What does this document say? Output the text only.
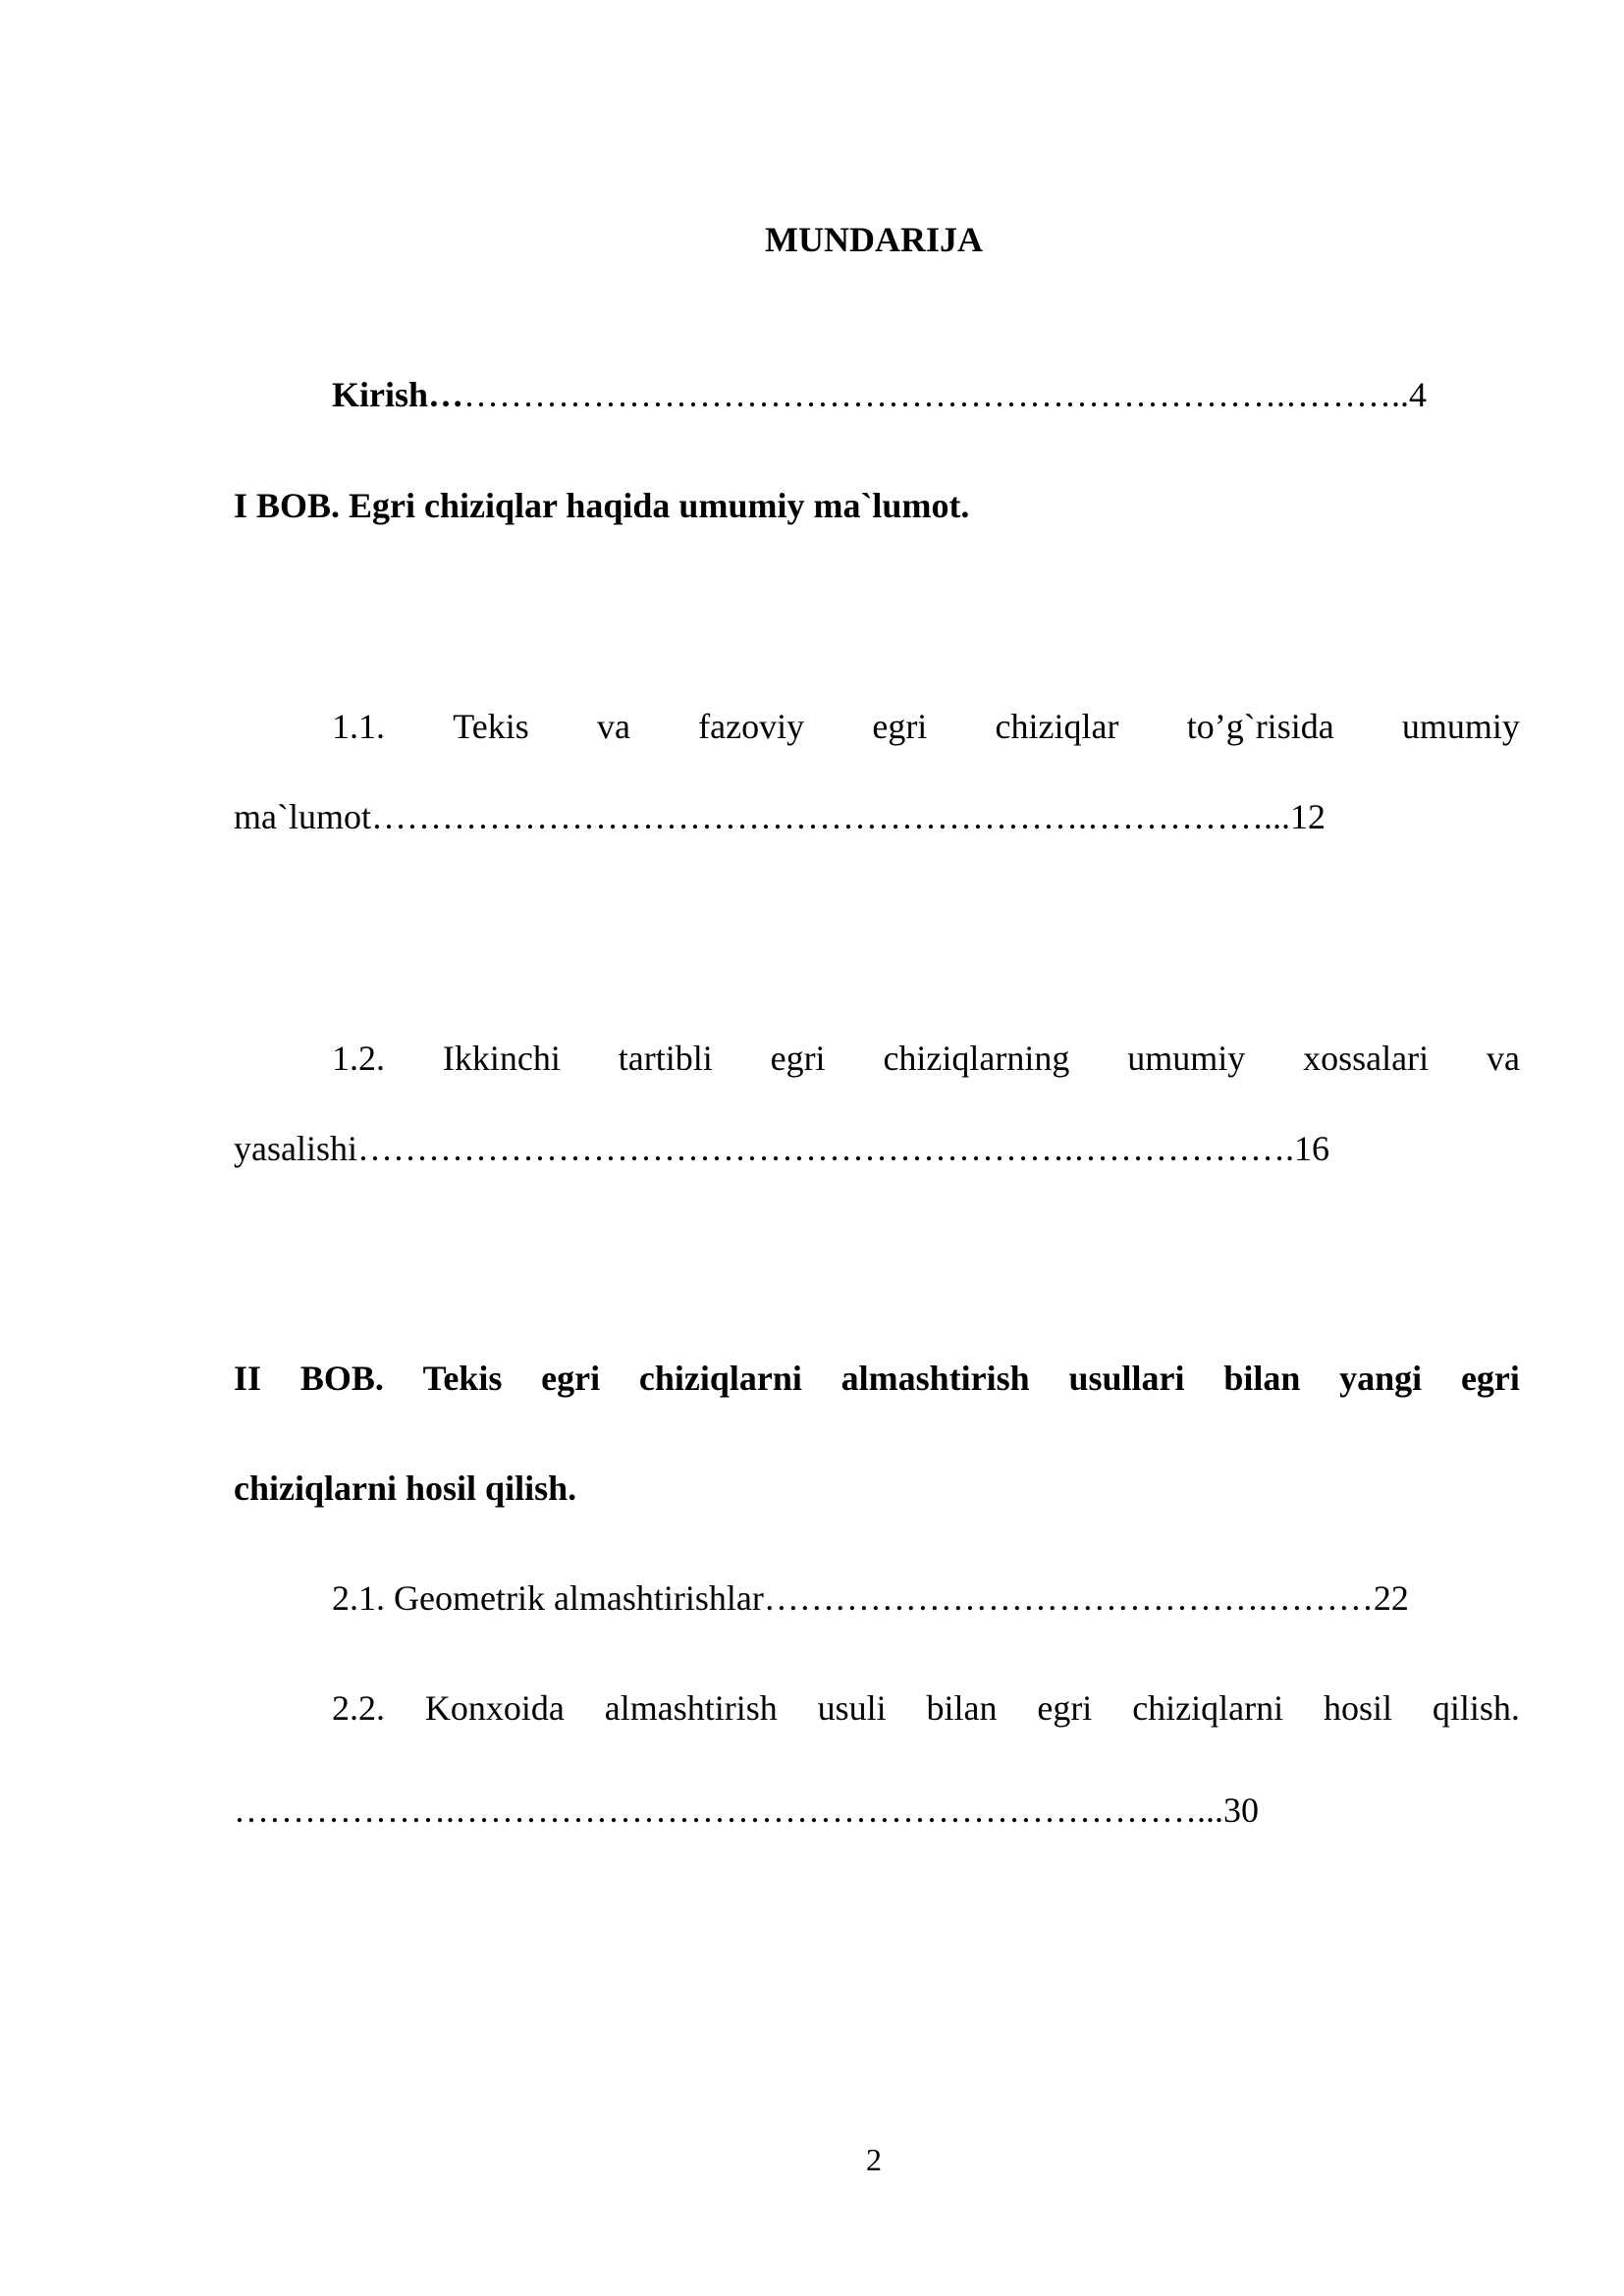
MUNDARIJA
Kirish……………………………………………………………….………..4
I BOB. Egri chiziqlar haqida umumiy ma`lumot.
1.1. Tekis va fazoviy egri chiziqlar to’g`risida umumiy
ma`lumot…………………………………………………….……………...12
1.2. Ikkinchi tartibli egri chiziqlarning umumiy xossalari va
yasalishi…………………………………………………….……………….16
II BOB. Tekis egri chiziqlarni almashtirish usullari bilan yangi egri
chiziqlarni hosil qilish.
2.1. Geometrik almashtirishlar…………………………………….………22
2.2. Konxoida almashtirish usuli bilan egri chiziqlarni hosil qilish.
……………….………………………………………………………...30
2
